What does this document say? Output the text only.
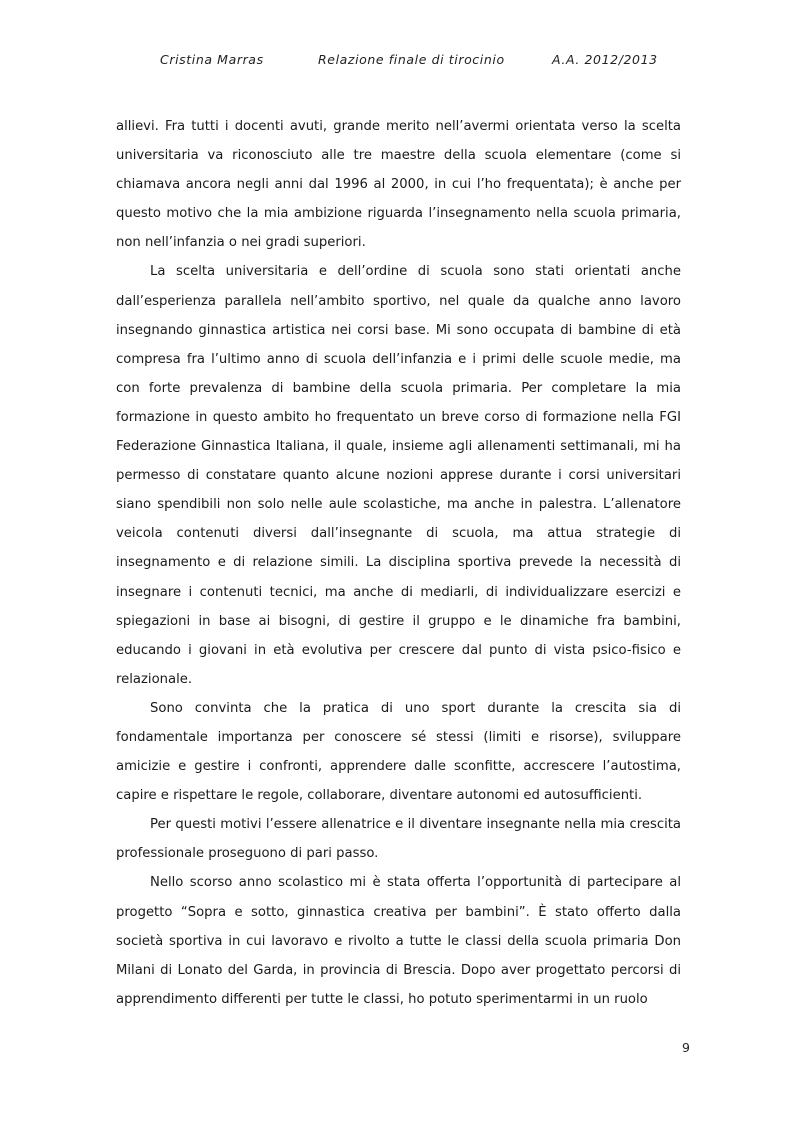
Cristina Marras	Relazione finale di tirocinio	A.A. 2012/2013

allievi. Fra tutti i docenti avuti, grande merito nell’avermi orientata verso la scelta universitaria va riconosciuto alle tre maestre della scuola elementare (come si chiamava ancora negli anni dal 1996 al 2000, in cui l’ho frequentata); è anche per questo motivo che la mia ambizione riguarda l’insegnamento nella scuola primaria, non nell’infanzia o nei gradi superiori.

La scelta universitaria e dell’ordine di scuola sono stati orientati anche dall’esperienza parallela nell’ambito sportivo, nel quale da qualche anno lavoro insegnando ginnastica artistica nei corsi base. Mi sono occupata di bambine di età compresa fra l’ultimo anno di scuola dell’infanzia e i primi delle scuole medie, ma con forte prevalenza di bambine della scuola primaria. Per completare la mia formazione in questo ambito ho frequentato un breve corso di formazione nella FGI Federazione Ginnastica Italiana, il quale, insieme agli allenamenti settimanali, mi ha permesso di constatare quanto alcune nozioni apprese durante i corsi universitari siano spendibili non solo nelle aule scolastiche, ma anche in palestra. L’allenatore veicola contenuti diversi dall’insegnante di scuola, ma attua strategie di insegnamento e di relazione simili. La disciplina sportiva prevede la necessità di insegnare i contenuti tecnici, ma anche di mediarli, di individualizzare esercizi e spiegazioni in base ai bisogni, di gestire il gruppo e le dinamiche fra bambini, educando i giovani in età evolutiva per crescere dal punto di vista psico-fisico e relazionale.

Sono convinta che la pratica di uno sport durante la crescita sia di fondamentale importanza per conoscere sé stessi (limiti e risorse), sviluppare amicizie e gestire i confronti, apprendere dalle sconfitte, accrescere l’autostima, capire e rispettare le regole, collaborare, diventare autonomi ed autosufficienti.

Per questi motivi l’essere allenatrice e il diventare insegnante nella mia crescita professionale proseguono di pari passo.

Nello scorso anno scolastico mi è stata offerta l’opportunità di partecipare al progetto “Sopra e sotto, ginnastica creativa per bambini”. È stato offerto dalla società sportiva in cui lavoravo e rivolto a tutte le classi della scuola primaria Don Milani di Lonato del Garda, in provincia di Brescia. Dopo aver progettato percorsi di apprendimento differenti per tutte le classi, ho potuto sperimentarmi in un ruolo

9
